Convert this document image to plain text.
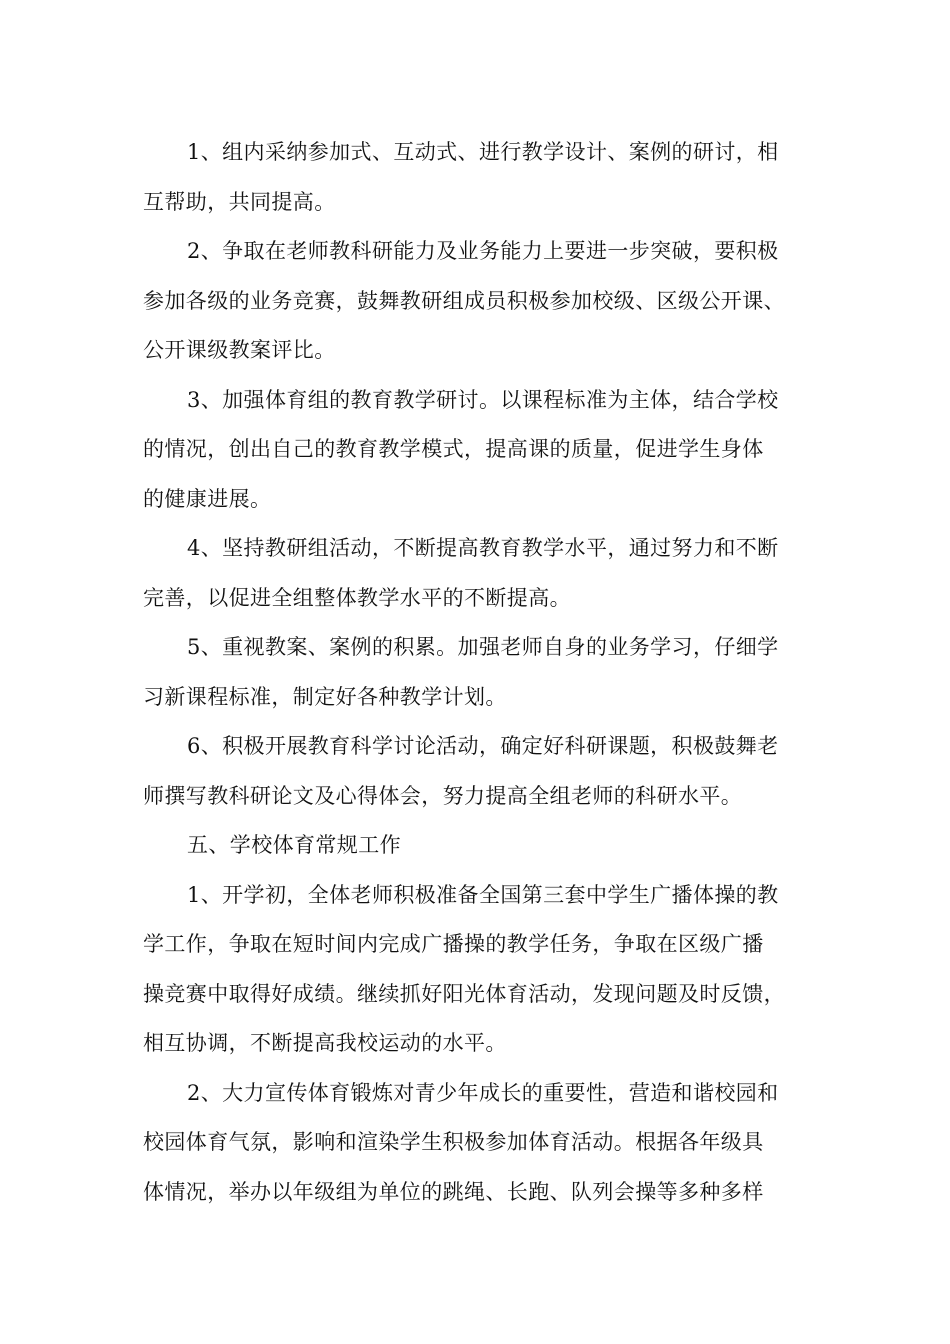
1、组内采纳参加式、互动式、进行教学设计、案例的研讨，相
互帮助，共同提高。

2、争取在老师教科研能力及业务能力上要进一步突破，要积极
参加各级的业务竞赛，鼓舞教研组成员积极参加校级、区级公开课、
公开课级教案评比。

3、加强体育组的教育教学研讨。以课程标准为主体，结合学校
的情况，创出自己的教育教学模式，提高课的质量，促进学生身体
的健康进展。

4、坚持教研组活动，不断提高教育教学水平，通过努力和不断
完善，以促进全组整体教学水平的不断提高。

5、重视教案、案例的积累。加强老师自身的业务学习，仔细学
习新课程标准，制定好各种教学计划。

6、积极开展教育科学讨论活动，确定好科研课题，积极鼓舞老
师撰写教科研论文及心得体会，努力提高全组老师的科研水平。

五、学校体育常规工作

1、开学初，全体老师积极准备全国第三套中学生广播体操的教
学工作，争取在短时间内完成广播操的教学任务，争取在区级广播
操竞赛中取得好成绩。继续抓好阳光体育活动，发现问题及时反馈，
相互协调，不断提高我校运动的水平。

2、大力宣传体育锻炼对青少年成长的重要性，营造和谐校园和
校园体育气氛，影响和渲染学生积极参加体育活动。根据各年级具
体情况，举办以年级组为单位的跳绳、长跑、队列会操等多种多样
